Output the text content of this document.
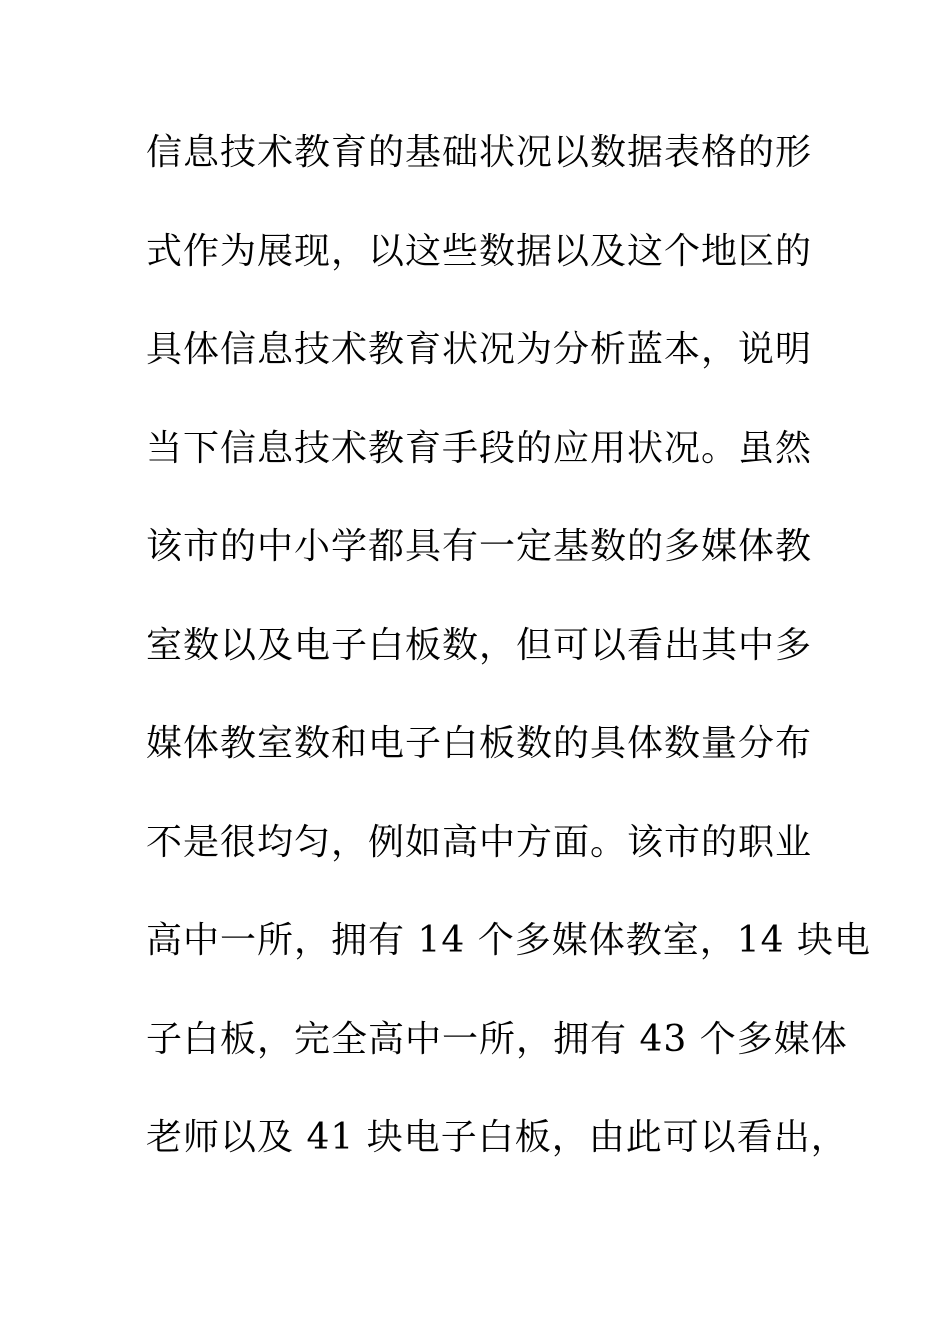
信息技术教育的基础状况以数据表格的形
式作为展现，以这些数据以及这个地区的
具体信息技术教育状况为分析蓝本，说明
当下信息技术教育手段的应用状况。虽然
该市的中小学都具有一定基数的多媒体教
室数以及电子白板数，但可以看出其中多
媒体教室数和电子白板数的具体数量分布
不是很均匀，例如高中方面。该市的职业
高中一所，拥有 14 个多媒体教室，14 块电
子白板，完全高中一所，拥有 43 个多媒体
老师以及 41 块电子白板，由此可以看出，
